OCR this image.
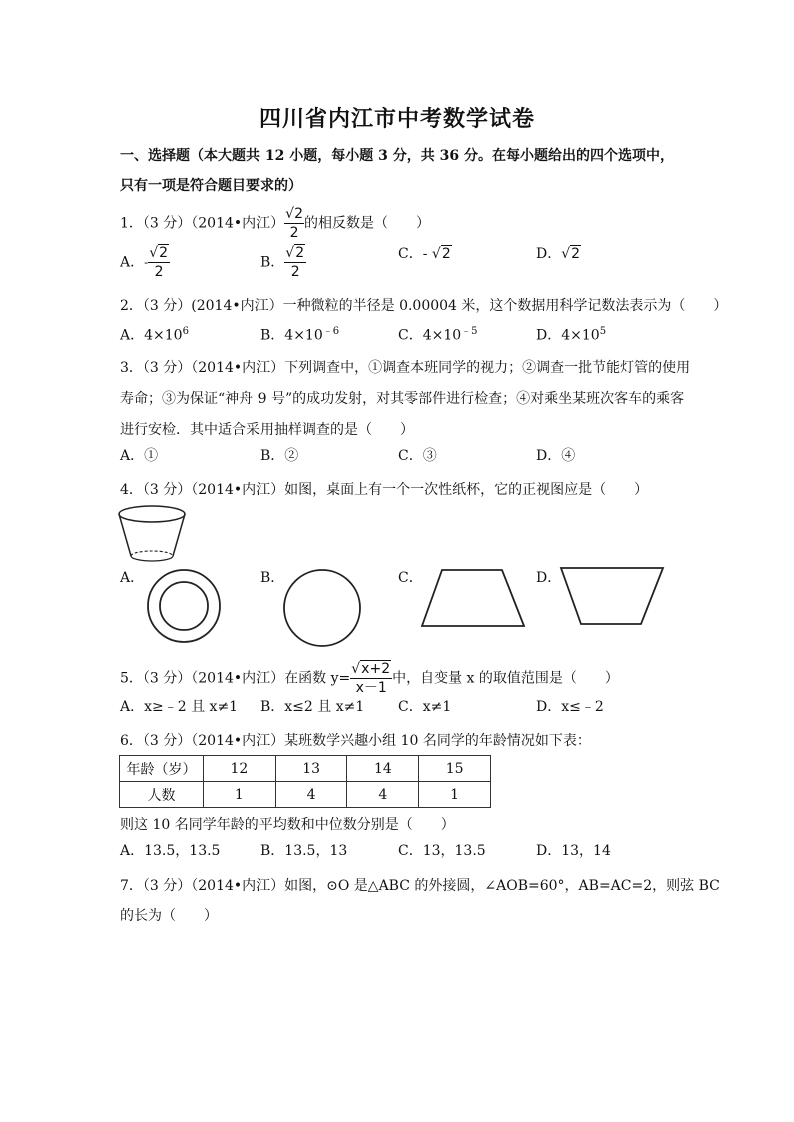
四川省内江市中考数学试卷
一、选择题（本大题共 12 小题，每小题 3 分，共 36 分。在每小题给出的四个选项中，只有一项是符合题目要求的）
1．（3 分）（2014•内江） $\frac{√2}{2}$ 的相反数是（　　）
A．- $\frac{√2}{2}$	B． $\frac{√2}{2}$	C．- √2	D．√2
2．（3 分）(2014•内江）一种微粒的半径是 0.00004 米，这个数据用科学记数法表示为（　　）
A．$4\times 10^6$	B．$4\times 10^{﹣6}$	C．$4\times 10^{﹣5}$	D．$4\times 10^5$
3．（3 分）（2014•内江）下列调查中，①调查本班同学的视力；②调查一批节能灯管的使用
寿命；③为保证“神舟 9 号”的成功发射，对其零部件进行检查；④对乘坐某班次客车的乘客
进行安检．其中适合采用抽样调查的是（　　）
A．①	B．②	C．③	D．④
4．（3 分）（2014•内江）如图，桌面上有一个一次性纸杯，它的正视图应是（　　）
A．	B．	C．	D．
5．（3 分）（2014•内江）在函数 $y= \frac{√x+2}{x-1}$ 中，自变量 x 的取值范围是（　　）
A．x≥﹣2 且 x≠1 B．x≤2 且 x≠1 C．x≠1	D．x≤﹣2
6．（3 分）（2014•内江）某班数学兴趣小组 10 名同学的年龄情况如下表：
年龄（岁）	12	13	14	15
人数	1	4	4	1
则这 10 名同学年龄的平均数和中位数分别是（　　）
A．13.5，13.5	B．13.5，13	C．13，13.5	D．13，14
7．（3 分）（2014•内江）如图，⊙O 是△ABC 的外接圆，∠AOB=60°，AB=AC=2，则弦 BC
的长为（　　）
